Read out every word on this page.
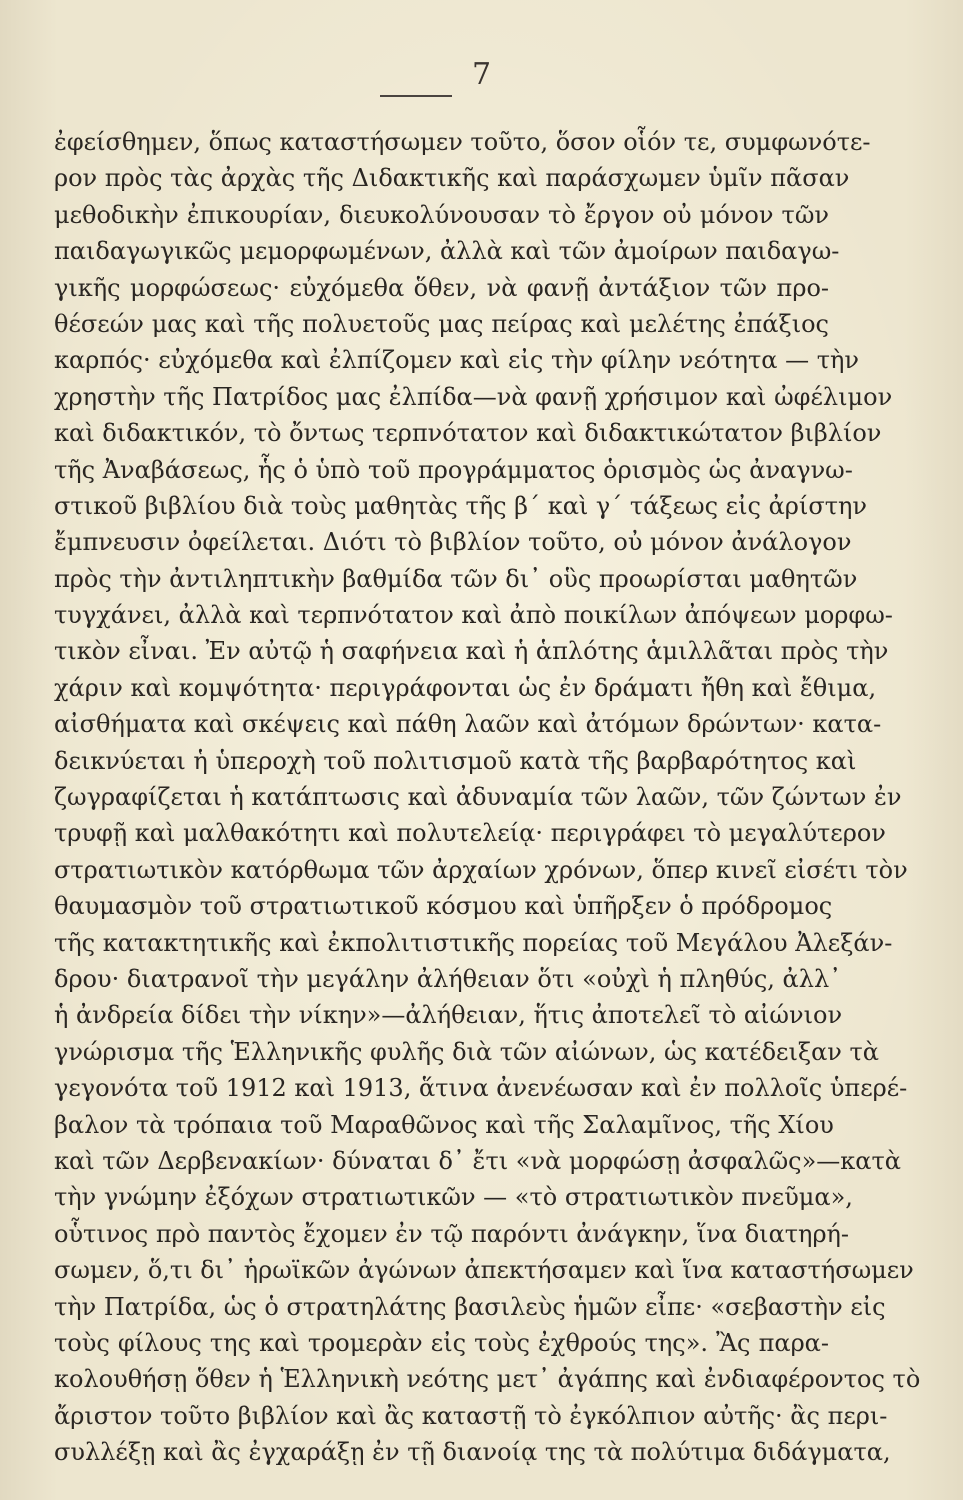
7
ἐφείσθημεν, ὅπως καταστήσωμεν τοῦτο, ὅσον οἷόν τε, συμφωνότε-
ρον πρὸς τὰς ἀρχὰς τῆς Διδακτικῆς καὶ παράσχωμεν ὑμῖν πᾶσαν
μεθοδικὴν ἐπικουρίαν, διευκολύνουσαν τὸ ἔργον οὐ μόνον τῶν
παιδαγωγικῶς μεμορφωμένων, ἀλλὰ καὶ τῶν ἀμοίρων παιδαγω-
γικῆς μορφώσεως· εὐχόμεθα ὅθεν, νὰ φανῇ ἀντάξιον τῶν προ-
θέσεών μας καὶ τῆς πολυετοῦς μας πείρας καὶ μελέτης ἐπάξιος
καρπός· εὐχόμεθα καὶ ἐλπίζομεν καὶ εἰς τὴν φίλην νεότητα — τὴν
χρηστὴν τῆς Πατρίδος μας ἐλπίδα—νὰ φανῇ χρήσιμον καὶ ὠφέλιμον
καὶ διδακτικόν, τὸ ὄντως τερπνότατον καὶ διδακτικώτατον βιβλίον
τῆς Ἀναβάσεως, ἧς ὁ ὑπὸ τοῦ προγράμματος ὁρισμὸς ὡς ἀναγνω-
στικοῦ βιβλίου διὰ τοὺς μαθητὰς τῆς β΄ καὶ γ΄ τάξεως εἰς ἀρίστην
ἔμπνευσιν ὀφείλεται. Διότι τὸ βιβλίον τοῦτο, οὐ μόνον ἀνάλογον
πρὸς τὴν ἀντιληπτικὴν βαθμίδα τῶν δι᾽ οὓς προωρίσται μαθητῶν
τυγχάνει, ἀλλὰ καὶ τερπνότατον καὶ ἀπὸ ποικίλων ἀπόψεων μορφω-
τικὸν εἶναι. Ἐν αὐτῷ ἡ σαφήνεια καὶ ἡ ἁπλότης ἁμιλλᾶται πρὸς τὴν
χάριν καὶ κομψότητα· περιγράφονται ὡς ἐν δράματι ἤθη καὶ ἔθιμα,
αἰσθήματα καὶ σκέψεις καὶ πάθη λαῶν καὶ ἀτόμων δρώντων· κατα-
δεικνύεται ἡ ὑπεροχὴ τοῦ πολιτισμοῦ κατὰ τῆς βαρβαρότητος καὶ
ζωγραφίζεται ἡ κατάπτωσις καὶ ἀδυναμία τῶν λαῶν, τῶν ζώντων ἐν
τρυφῇ καὶ μαλθακότητι καὶ πολυτελείᾳ· περιγράφει τὸ μεγαλύτερον
στρατιωτικὸν κατόρθωμα τῶν ἀρχαίων χρόνων, ὅπερ κινεῖ εἰσέτι τὸν
θαυμασμὸν τοῦ στρατιωτικοῦ κόσμου καὶ ὑπῆρξεν ὁ πρόδρομος
τῆς κατακτητικῆς καὶ ἐκπολιτιστικῆς πορείας τοῦ Μεγάλου Ἀλεξάν-
δρου· διατρανοῖ τὴν μεγάλην ἀλήθειαν ὅτι «οὐχὶ ἡ πληθύς, ἀλλ᾽
ἡ ἀνδρεία δίδει τὴν νίκην»—ἀλήθειαν, ἥτις ἀποτελεῖ τὸ αἰώνιον
γνώρισμα τῆς Ἑλληνικῆς φυλῆς διὰ τῶν αἰώνων, ὡς κατέδειξαν τὰ
γεγονότα τοῦ 1912 καὶ 1913, ἅτινα ἀνενέωσαν καὶ ἐν πολλοῖς ὑπερέ-
βαλον τὰ τρόπαια τοῦ Μαραθῶνος καὶ τῆς Σαλαμῖνος, τῆς Χίου
καὶ τῶν Δερβενακίων· δύναται δ᾽ ἔτι «νὰ μορφώσῃ ἀσφαλῶς»—κατὰ
τὴν γνώμην ἐξόχων στρατιωτικῶν — «τὸ στρατιωτικὸν πνεῦμα»,
οὗτινος πρὸ παντὸς ἔχομεν ἐν τῷ παρόντι ἀνάγκην, ἵνα διατηρή-
σωμεν, ὅ,τι δι᾽ ἡρωϊκῶν ἀγώνων ἀπεκτήσαμεν καὶ ἵνα καταστήσωμεν
τὴν Πατρίδα, ὡς ὁ στρατηλάτης βασιλεὺς ἡμῶν εἶπε· «σεβαστὴν εἰς
τοὺς φίλους της καὶ τρομερὰν εἰς τοὺς ἐχθρούς της». Ἂς παρα-
κολουθήσῃ ὅθεν ἡ Ἑλληνικὴ νεότης μετ᾽ ἀγάπης καὶ ἐνδιαφέροντος τὸ
ἄριστον τοῦτο βιβλίον καὶ ἂς καταστῇ τὸ ἐγκόλπιον αὐτῆς· ἂς περι-
συλλέξῃ καὶ ἂς ἐγχαράξῃ ἐν τῇ διανοίᾳ της τὰ πολύτιμα διδάγματα,
